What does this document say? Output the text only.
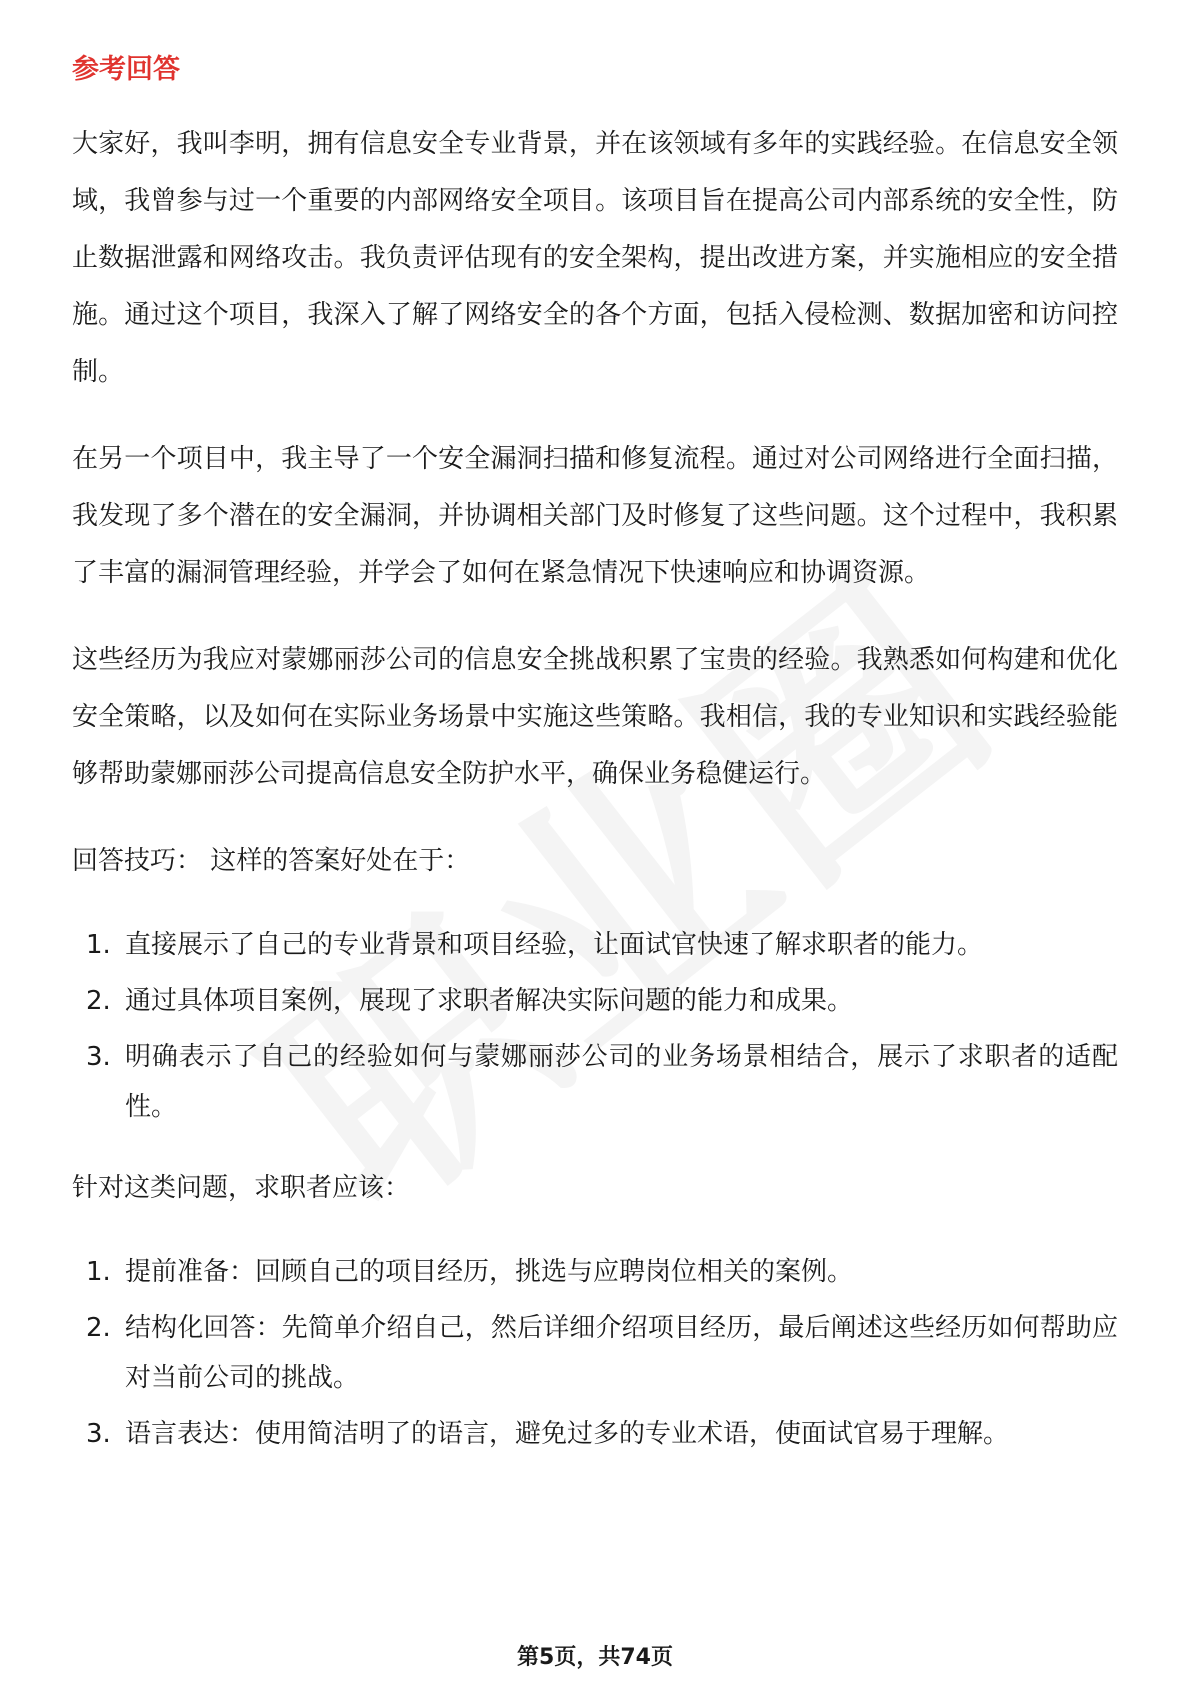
参考回答

大家好，我叫李明，拥有信息安全专业背景，并在该领域有多年的实践经验。在信息安全领域，我曾参与过一个重要的内部网络安全项目。该项目旨在提高公司内部系统的安全性，防止数据泄露和网络攻击。我负责评估现有的安全架构，提出改进方案，并实施相应的安全措施。通过这个项目，我深入了解了网络安全的各个方面，包括入侵检测、数据加密和访问控制。

在另一个项目中，我主导了一个安全漏洞扫描和修复流程。通过对公司网络进行全面扫描，我发现了多个潜在的安全漏洞，并协调相关部门及时修复了这些问题。这个过程中，我积累了丰富的漏洞管理经验，并学会了如何在紧急情况下快速响应和协调资源。

这些经历为我应对蒙娜丽莎公司的信息安全挑战积累了宝贵的经验。我熟悉如何构建和优化安全策略，以及如何在实际业务场景中实施这些策略。我相信，我的专业知识和实践经验能够帮助蒙娜丽莎公司提高信息安全防护水平，确保业务稳健运行。

回答技巧： 这样的答案好处在于：

1. 直接展示了自己的专业背景和项目经验，让面试官快速了解求职者的能力。
2. 通过具体项目案例，展现了求职者解决实际问题的能力和成果。
3. 明确表示了自己的经验如何与蒙娜丽莎公司的业务场景相结合，展示了求职者的适配性。

针对这类问题，求职者应该：

1. 提前准备：回顾自己的项目经历，挑选与应聘岗位相关的案例。
2. 结构化回答：先简单介绍自己，然后详细介绍项目经历，最后阐述这些经历如何帮助应对当前公司的挑战。
3. 语言表达：使用简洁明了的语言，避免过多的专业术语，使面试官易于理解。
第5页，共74页
